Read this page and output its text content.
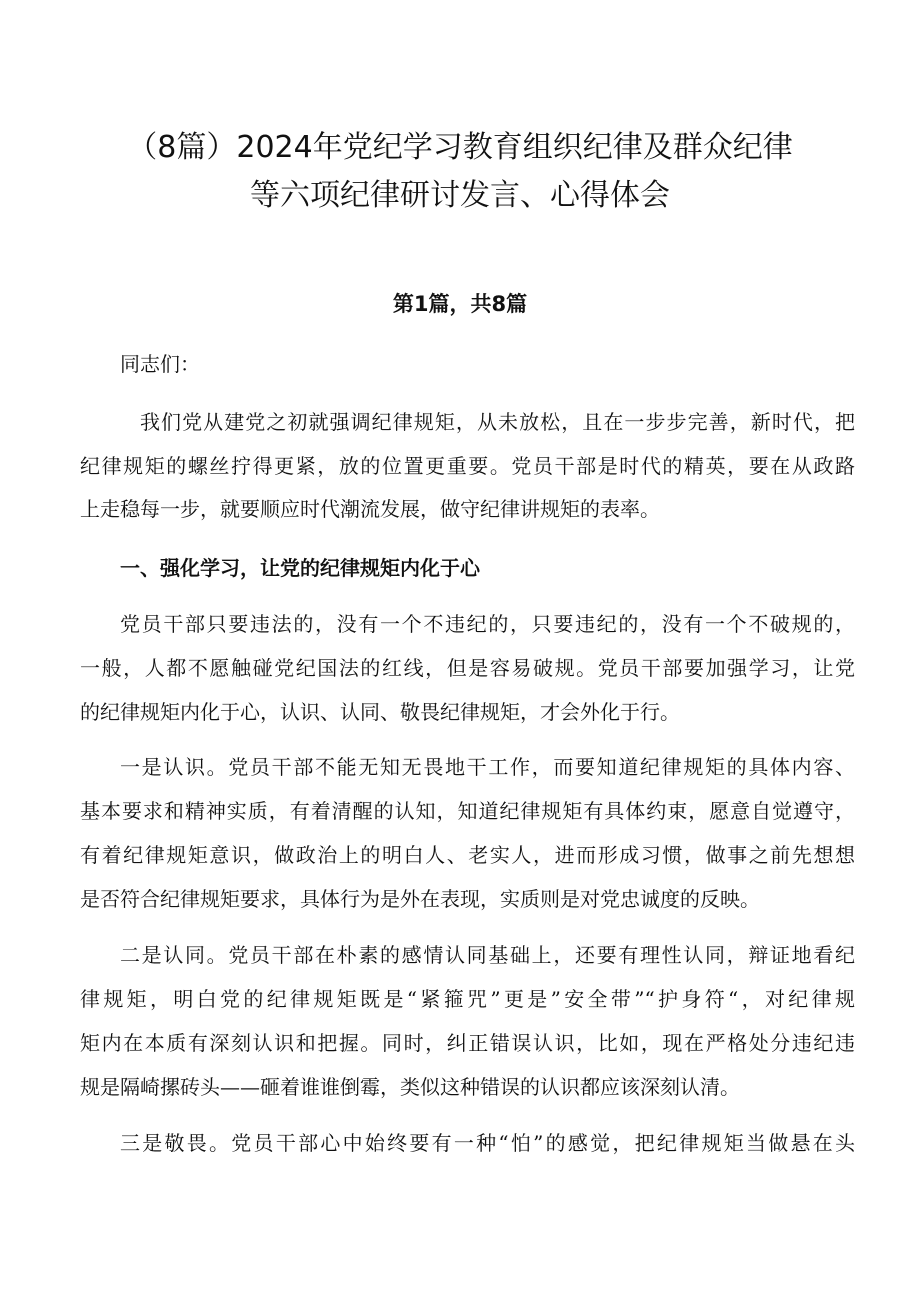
（8篇）2024年党纪学习教育组织纪律及群众纪律
等六项纪律研讨发言、心得体会
第1篇，共8篇
同志们：
我们党从建党之初就强调纪律规矩，从未放松，且在一步步完善，新时代，把
纪律规矩的螺丝拧得更紧，放的位置更重要。党员干部是时代的精英，要在从政路
上走稳每一步，就要顺应时代潮流发展，做守纪律讲规矩的表率。
一、强化学习，让党的纪律规矩内化于心
党员干部只要违法的，没有一个不违纪的，只要违纪的，没有一个不破规的，
一般，人都不愿触碰党纪国法的红线，但是容易破规。党员干部要加强学习，让党
的纪律规矩内化于心，认识、认同、敬畏纪律规矩，才会外化于行。
一是认识。党员干部不能无知无畏地干工作，而要知道纪律规矩的具体内容、
基本要求和精神实质，有着清醒的认知，知道纪律规矩有具体约束，愿意自觉遵守，
有着纪律规矩意识，做政治上的明白人、老实人，进而形成习惯，做事之前先想想
是否符合纪律规矩要求，具体行为是外在表现，实质则是对党忠诚度的反映。
二是认同。党员干部在朴素的感情认同基础上，还要有理性认同，辩证地看纪
律规矩，明白党的纪律规矩既是“紧箍咒”更是”安全带”“护身符“，对纪律规
矩内在本质有深刻认识和把握。同时，纠正错误认识，比如，现在严格处分违纪违
规是隔崎摞砖头——砸着谁谁倒霉，类似这种错误的认识都应该深刻认清。
三是敬畏。党员干部心中始终要有一种“怕”的感觉，把纪律规矩当做悬在头
